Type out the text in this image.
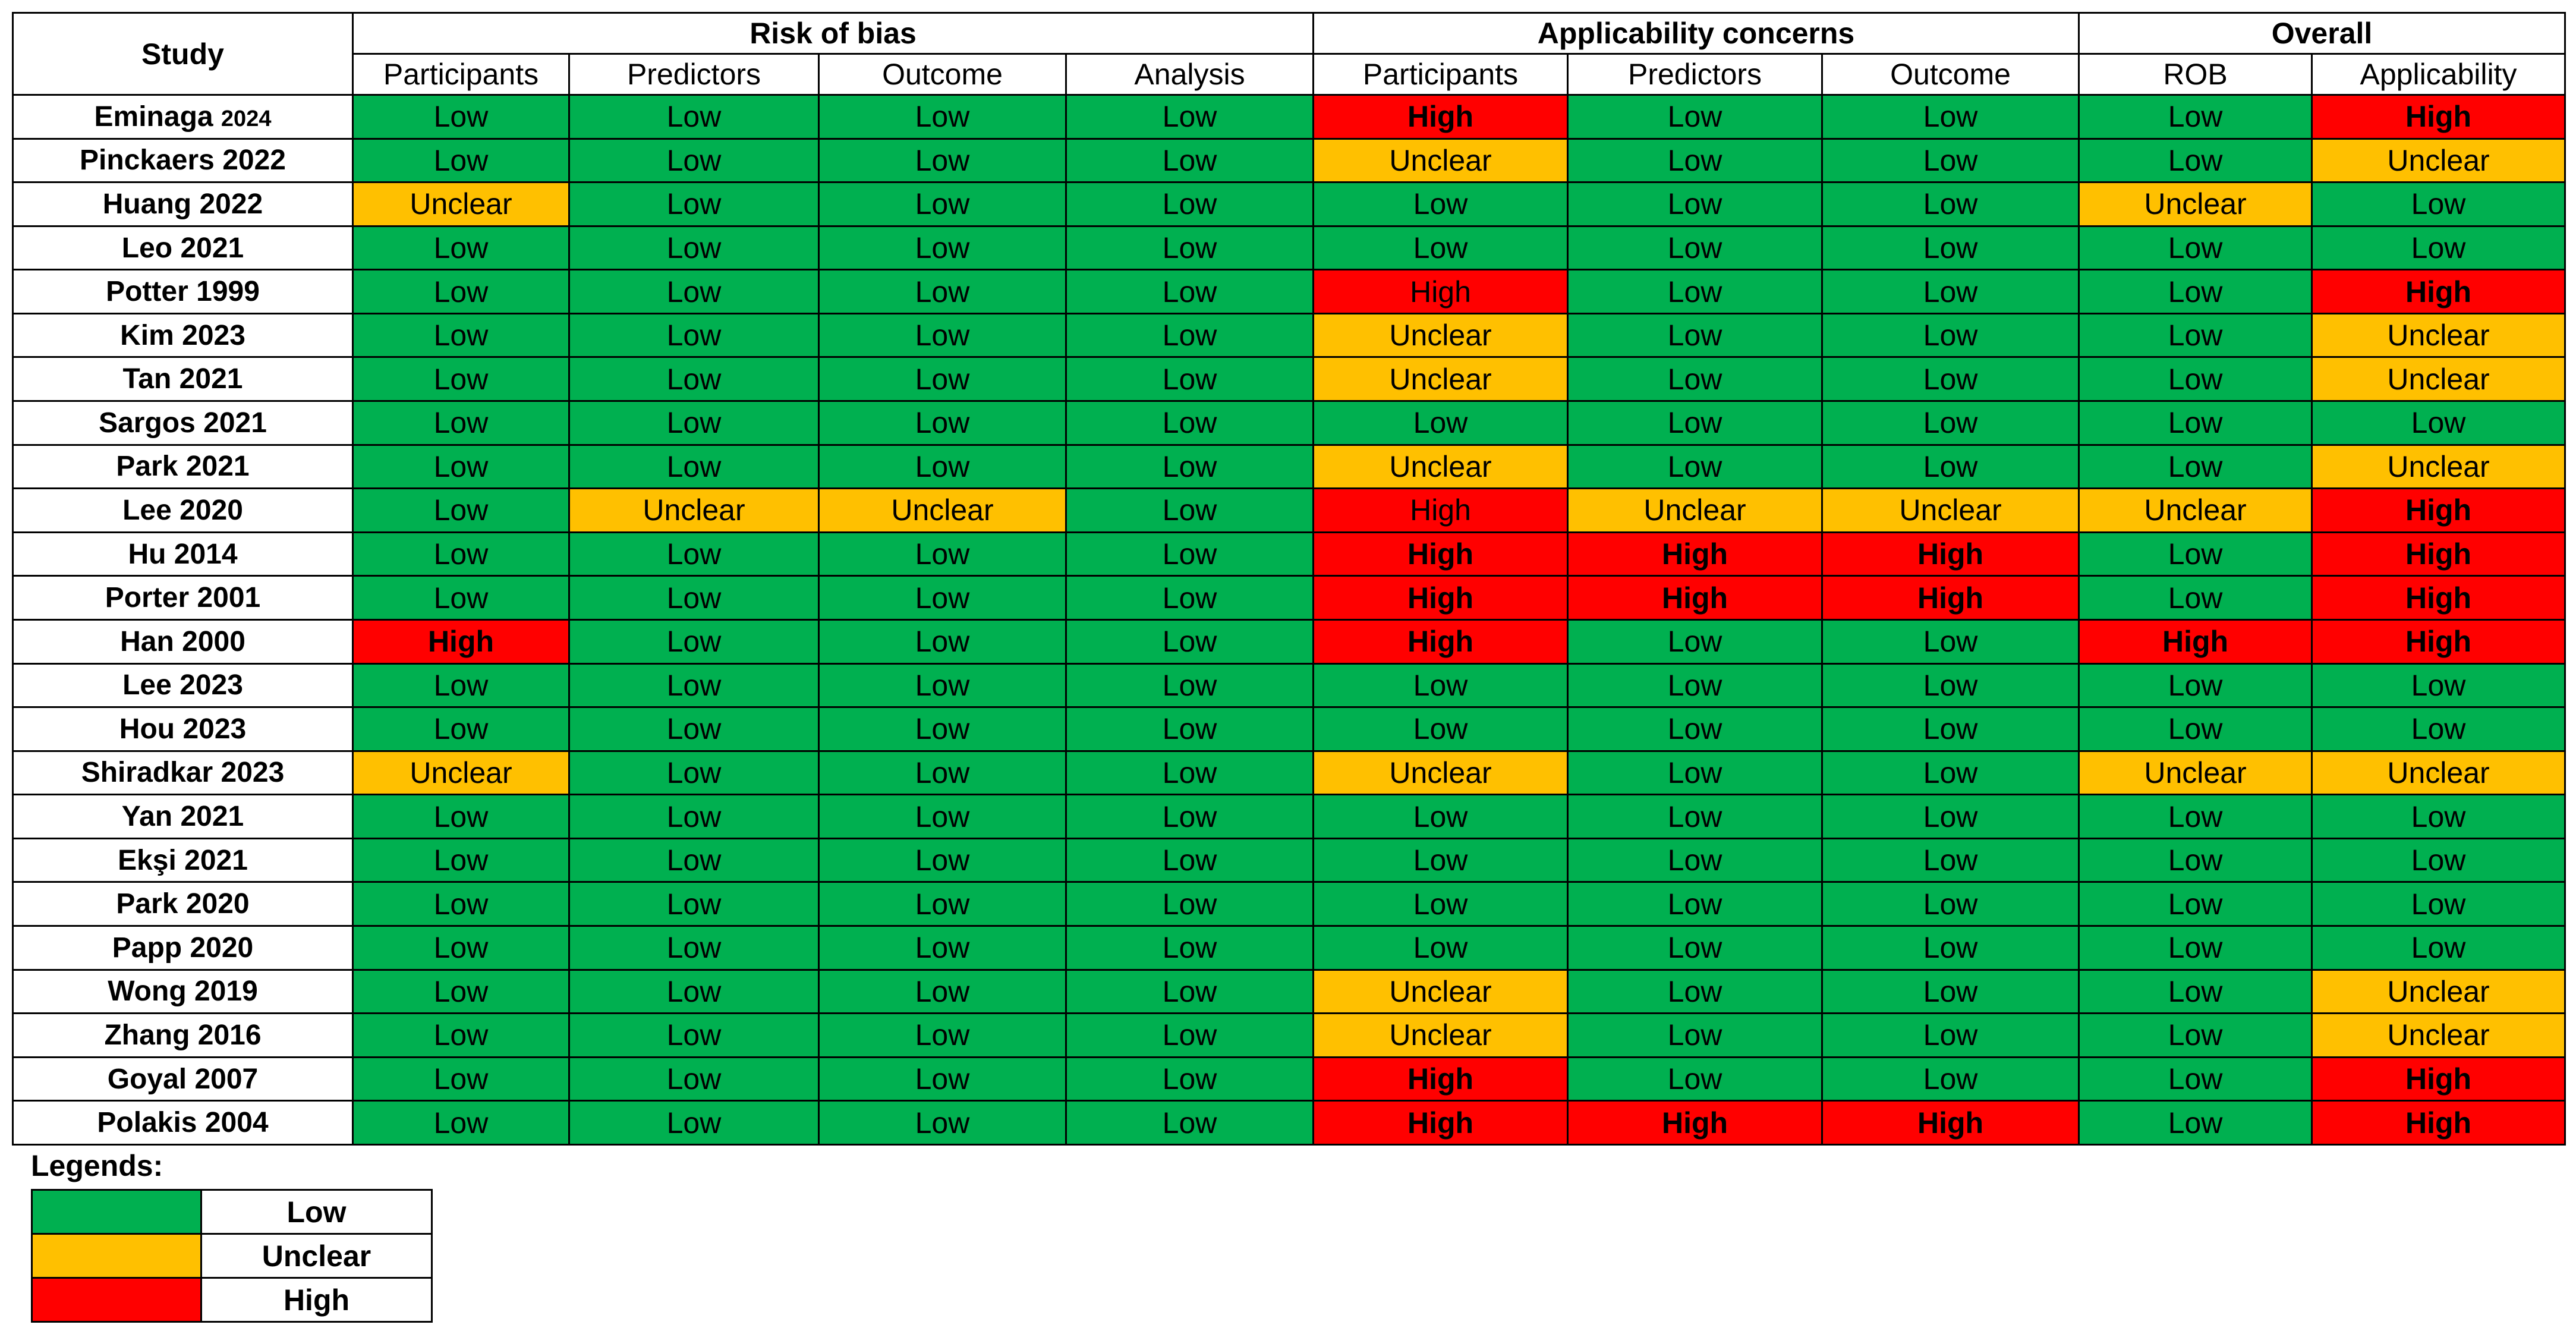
Study	Risk of bias				Applicability concerns			Overall	
	Participants	Predictors	Outcome	Analysis	Participants	Predictors	Outcome	ROB	Applicability
Eminaga 2024	Low	Low	Low	Low	High	Low	Low	Low	High
Pinckaers 2022	Low	Low	Low	Low	Unclear	Low	Low	Low	Unclear
Huang 2022	Unclear	Low	Low	Low	Low	Low	Low	Unclear	Low
Leo 2021	Low	Low	Low	Low	Low	Low	Low	Low	Low
Potter 1999	Low	Low	Low	Low	High	Low	Low	Low	High
Kim 2023	Low	Low	Low	Low	Unclear	Low	Low	Low	Unclear
Tan 2021	Low	Low	Low	Low	Unclear	Low	Low	Low	Unclear
Sargos 2021	Low	Low	Low	Low	Low	Low	Low	Low	Low
Park 2021	Low	Low	Low	Low	Unclear	Low	Low	Low	Unclear
Lee 2020	Low	Unclear	Unclear	Low	High	Unclear	Unclear	Unclear	High
Hu 2014	Low	Low	Low	Low	High	High	High	Low	High
Porter 2001	Low	Low	Low	Low	High	High	High	Low	High
Han 2000	High	Low	Low	Low	High	Low	Low	High	High
Lee 2023	Low	Low	Low	Low	Low	Low	Low	Low	Low
Hou 2023	Low	Low	Low	Low	Low	Low	Low	Low	Low
Shiradkar 2023	Unclear	Low	Low	Low	Unclear	Low	Low	Unclear	Unclear
Yan 2021	Low	Low	Low	Low	Low	Low	Low	Low	Low
Ekşi 2021	Low	Low	Low	Low	Low	Low	Low	Low	Low
Park 2020	Low	Low	Low	Low	Low	Low	Low	Low	Low
Papp 2020	Low	Low	Low	Low	Low	Low	Low	Low	Low
Wong 2019	Low	Low	Low	Low	Unclear	Low	Low	Low	Unclear
Zhang 2016	Low	Low	Low	Low	Unclear	Low	Low	Low	Unclear
Goyal 2007	Low	Low	Low	Low	High	Low	Low	Low	High
Polakis 2004	Low	Low	Low	Low	High	High	High	Low	High
Legends:
	Low
	Unclear
	High
